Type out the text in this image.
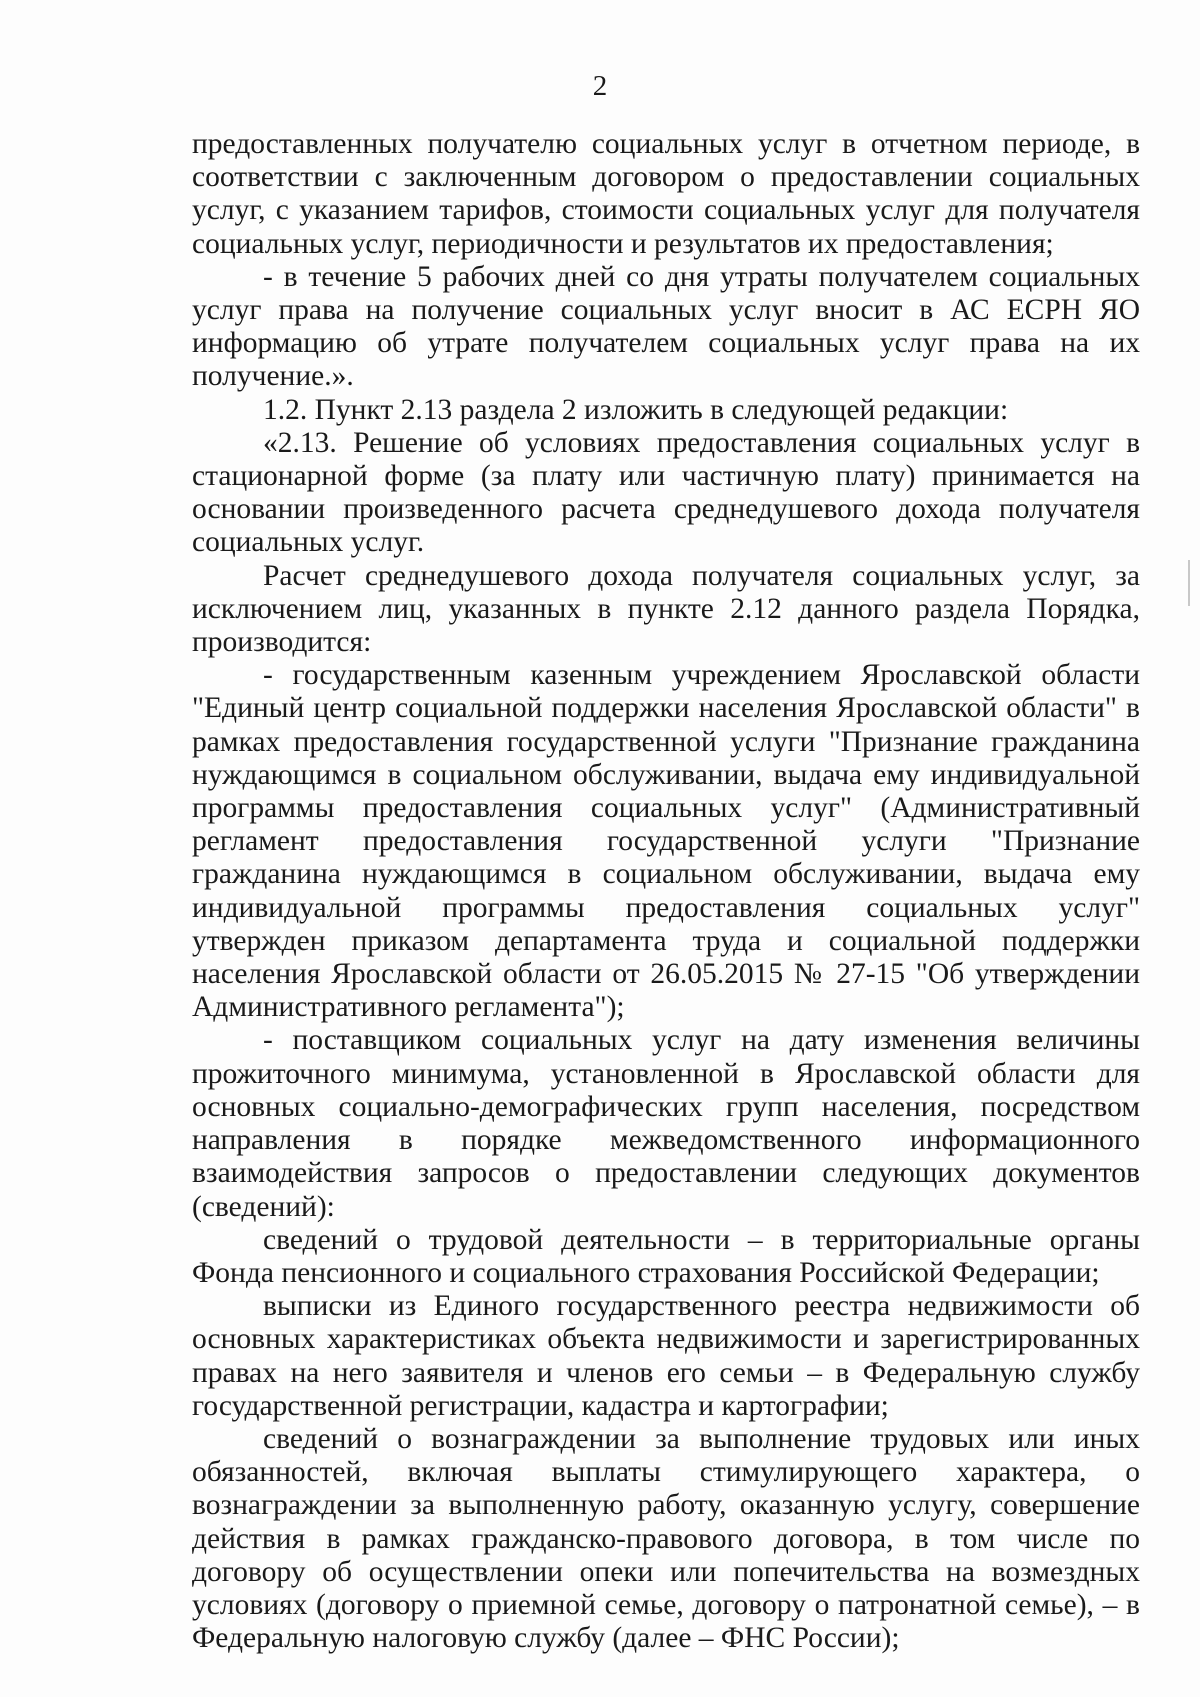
2

предоставленных получателю социальных услуг в отчетном периоде, в соответствии с заключенным договором о предоставлении социальных услуг, с указанием тарифов, стоимости социальных услуг для получателя социальных услуг, периодичности и результатов их предоставления;

- в течение 5 рабочих дней со дня утраты получателем социальных услуг права на получение социальных услуг вносит в АС ЕСРН ЯО информацию об утрате получателем социальных услуг права на их получение.».

1.2. Пункт 2.13 раздела 2 изложить в следующей редакции:

«2.13. Решение об условиях предоставления социальных услуг в стационарной форме (за плату или частичную плату) принимается на основании произведенного расчета среднедушевого дохода получателя социальных услуг.

Расчет среднедушевого дохода получателя социальных услуг, за исключением лиц, указанных в пункте 2.12 данного раздела Порядка, производится:

- государственным казенным учреждением Ярославской области "Единый центр социальной поддержки населения Ярославской области" в рамках предоставления государственной услуги "Признание гражданина нуждающимся в социальном обслуживании, выдача ему индивидуальной программы предоставления социальных услуг" (Административный регламент предоставления государственной услуги "Признание гражданина нуждающимся в социальном обслуживании, выдача ему индивидуальной программы предоставления социальных услуг" утвержден приказом департамента труда и социальной поддержки населения Ярославской области от 26.05.2015 № 27-15 "Об утверждении Административного регламента");

- поставщиком социальных услуг на дату изменения величины прожиточного минимума, установленной в Ярославской области для основных социально-демографических групп населения, посредством направления в порядке межведомственного информационного взаимодействия запросов о предоставлении следующих документов (сведений):

сведений о трудовой деятельности – в территориальные органы Фонда пенсионного и социального страхования Российской Федерации;

выписки из Единого государственного реестра недвижимости об основных характеристиках объекта недвижимости и зарегистрированных правах на него заявителя и членов его семьи – в Федеральную службу государственной регистрации, кадастра и картографии;

сведений о вознаграждении за выполнение трудовых или иных обязанностей, включая выплаты стимулирующего характера, о вознаграждении за выполненную работу, оказанную услугу, совершение действия в рамках гражданско-правового договора, в том числе по договору об осуществлении опеки или попечительства на возмездных условиях (договору о приемной семье, договору о патронатной семье), – в Федеральную налоговую службу (далее – ФНС России);
